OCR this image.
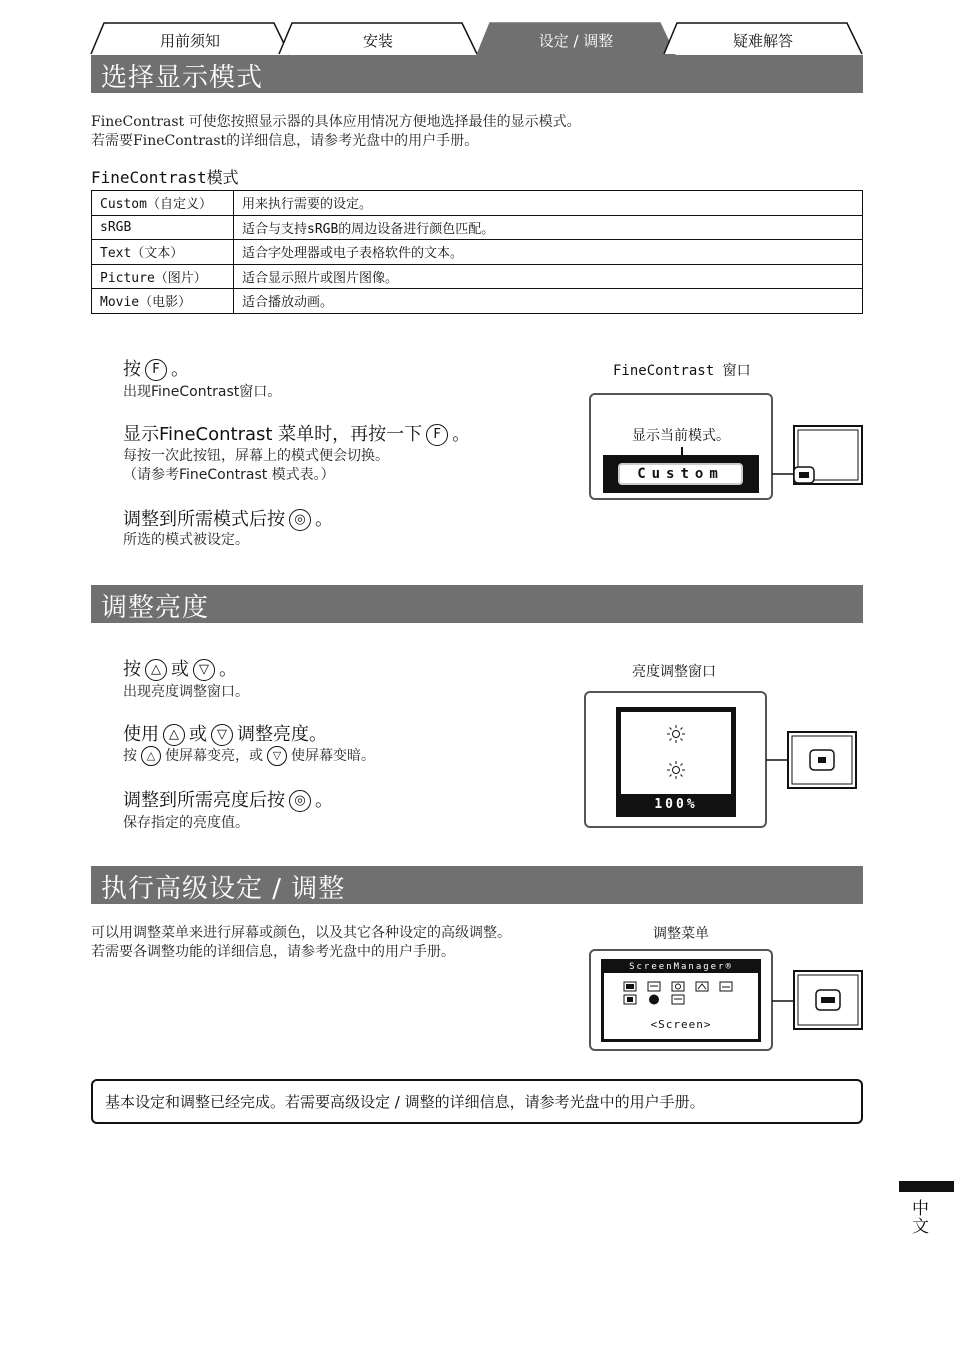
用前须知	安装	设定 / 调整	疑难解答
选择显示模式
FineContrast 可使您按照显示器的具体应用情况方便地选择最佳的显示模式。
若需要FineContrast的详细信息，请参考光盘中的用户手册。
FineContrast模式
Custom（自定义）	用来执行需要的设定。
sRGB	适合与支持sRGB的周边设备进行颜色匹配。
Text（文本）	适合字处理器或电子表格软件的文本。
Picture（图片）	适合显示照片或图片图像。
Movie（电影）	适合播放动画。
按 F 。
出现FineContrast窗口。
显示FineContrast 菜单时，再按一下 F 。
每按一次此按钮，屏幕上的模式便会切换。
（请参考FineContrast 模式表。）
调整到所需模式后按 ◎ 。
所选的模式被设定。
FineContrast 窗口
显示当前模式。
Custom
调整亮度
按 △ 或 ▽ 。
出现亮度调整窗口。
使用 △ 或 ▽ 调整亮度。
按 △ 使屏幕变亮，或 ▽ 使屏幕变暗。
调整到所需亮度后按 ◎ 。
保存指定的亮度值。
亮度调整窗口
100%
执行高级设定 / 调整
可以用调整菜单来进行屏幕或颜色，以及其它各种设定的高级调整。
若需要各调整功能的详细信息，请参考光盘中的用户手册。
调整菜单
ScreenManager®
<Screen>
基本设定和调整已经完成。若需要高级设定 / 调整的详细信息，请参考光盘中的用户手册。
中文
